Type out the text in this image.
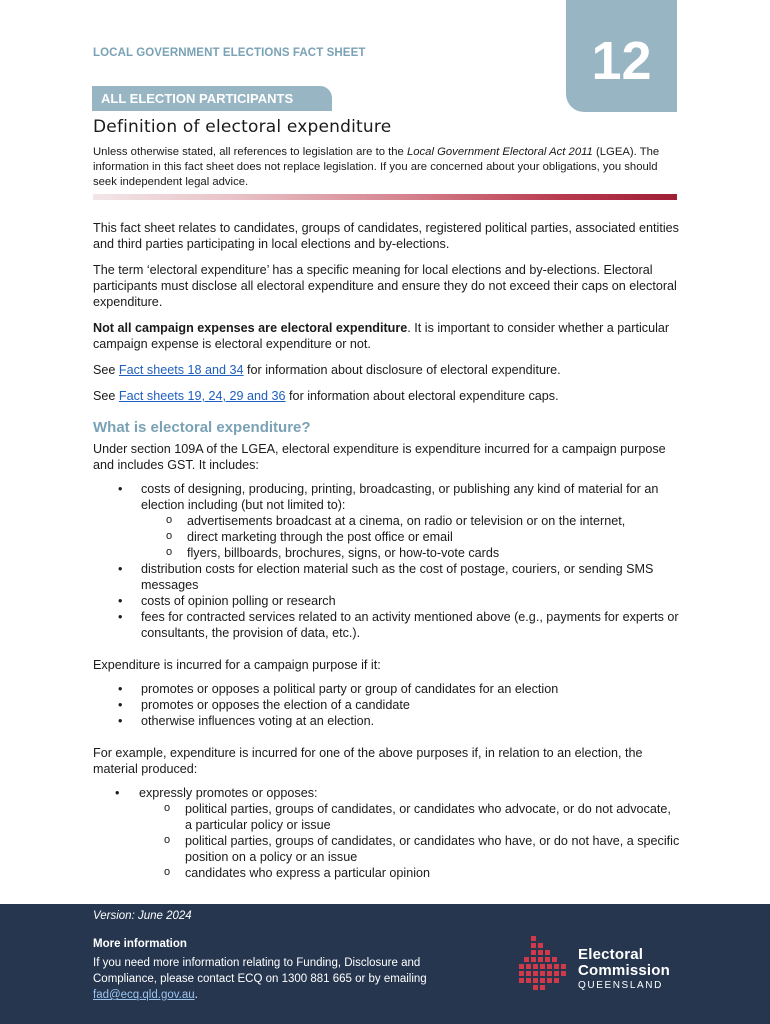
LOCAL GOVERNMENT ELECTIONS FACT SHEET	12
ALL ELECTION PARTICIPANTS
Definition of electoral expenditure
Unless otherwise stated, all references to legislation are to the Local Government Electoral Act 2011 (LGEA). The information in this fact sheet does not replace legislation. If you are concerned about your obligations, you should seek independent legal advice.

This fact sheet relates to candidates, groups of candidates, registered political parties, associated entities and third parties participating in local elections and by-elections.

The term ‘electoral expenditure’ has a specific meaning for local elections and by-elections. Electoral participants must disclose all electoral expenditure and ensure they do not exceed their caps on electoral expenditure.

Not all campaign expenses are electoral expenditure. It is important to consider whether a particular campaign expense is electoral expenditure or not.

See Fact sheets 18 and 34 for information about disclosure of electoral expenditure.

See Fact sheets 19, 24, 29 and 36 for information about electoral expenditure caps.

What is electoral expenditure?

Under section 109A of the LGEA, electoral expenditure is expenditure incurred for a campaign purpose and includes GST. It includes:

• costs of designing, producing, printing, broadcasting, or publishing any kind of material for an election including (but not limited to):
o advertisements broadcast at a cinema, on radio or television or on the internet,
o direct marketing through the post office or email
o flyers, billboards, brochures, signs, or how-to-vote cards
• distribution costs for election material such as the cost of postage, couriers, or sending SMS messages
• costs of opinion polling or research
• fees for contracted services related to an activity mentioned above (e.g., payments for experts or consultants, the provision of data, etc.).

Expenditure is incurred for a campaign purpose if it:

• promotes or opposes a political party or group of candidates for an election
• promotes or opposes the election of a candidate
• otherwise influences voting at an election.

For example, expenditure is incurred for one of the above purposes if, in relation to an election, the material produced:

• expressly promotes or opposes:
o political parties, groups of candidates, or candidates who advocate, or do not advocate, a particular policy or issue
o political parties, groups of candidates, or candidates who have, or do not have, a specific position on a policy or an issue
o candidates who express a particular opinion
Version: June 2024
More information
If you need more information relating to Funding, Disclosure and Compliance, please contact ECQ on 1300 881 665 or by emailing fad@ecq.qld.gov.au.
Electoral
Commission
QUEENSLAND
